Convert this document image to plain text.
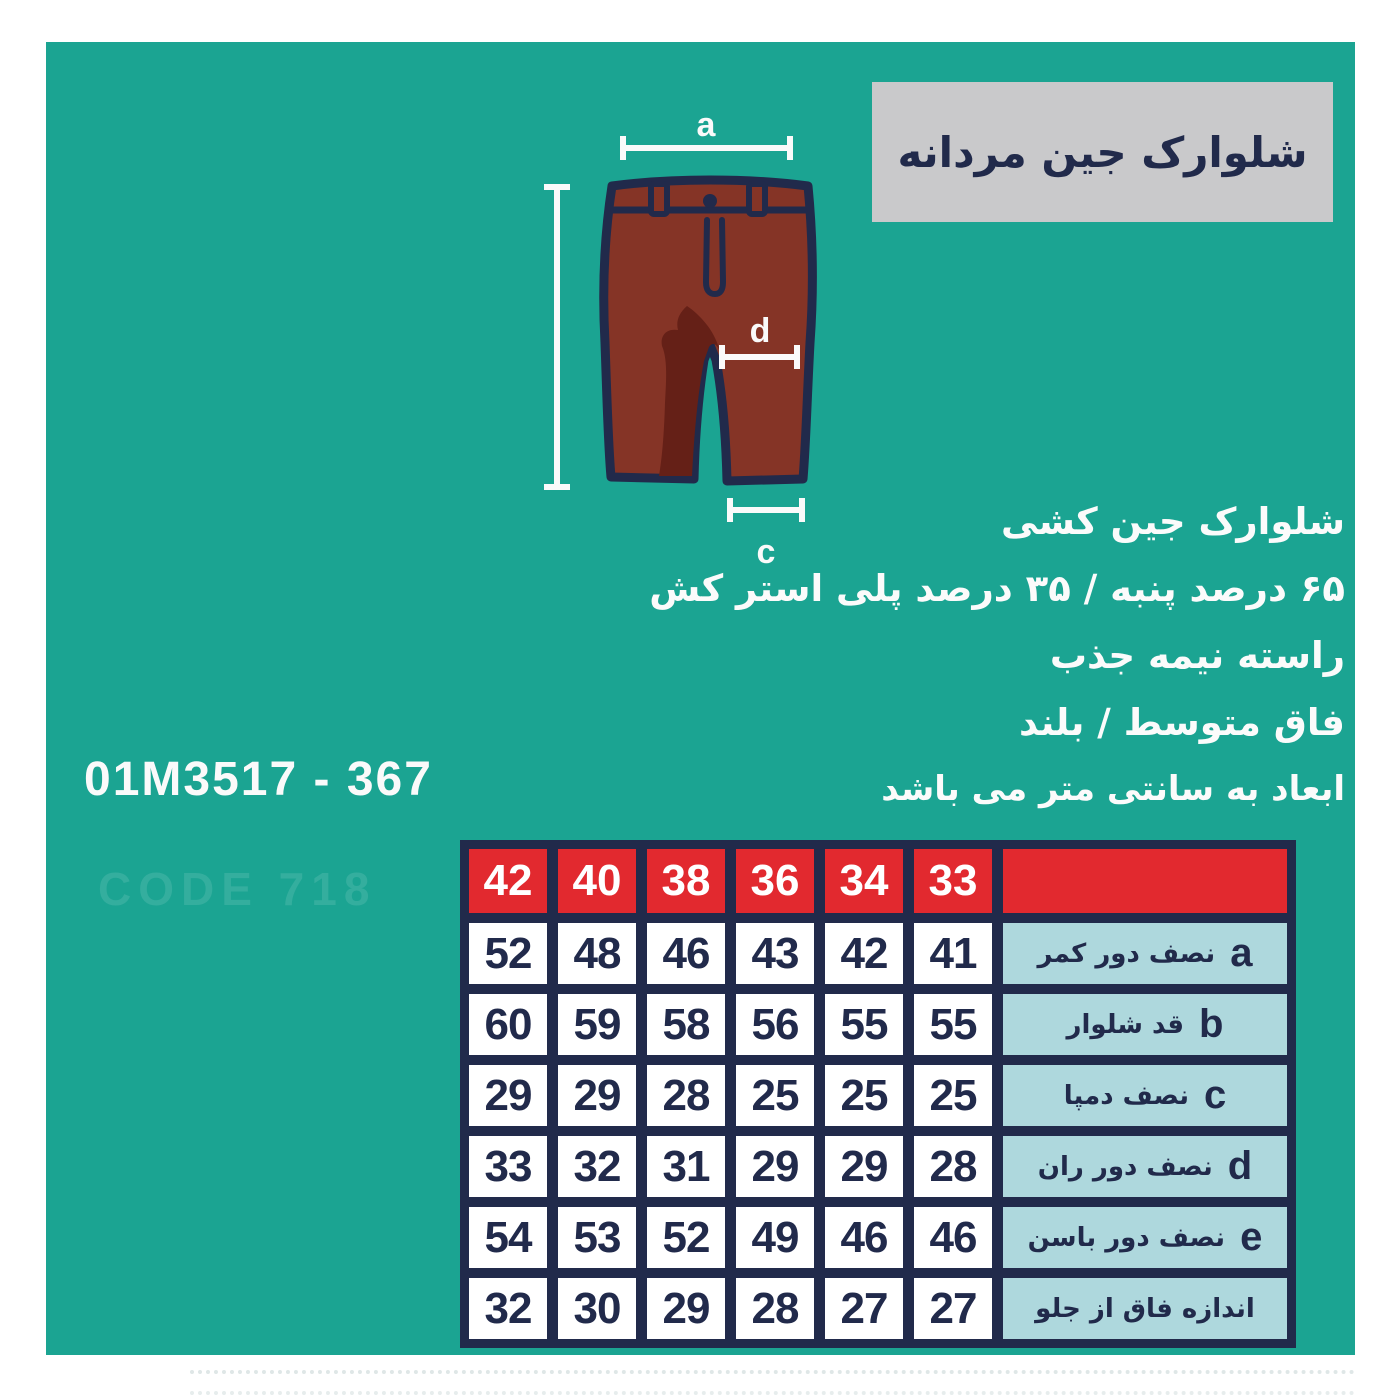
شلوارک جین مردانه
a
d
c
شلوارک جین کشی
۶۵ درصد پنبه / ۳۵ درصد پلی استر کش
راسته نیمه جذب
فاق متوسط / بلند
ابعاد به سانتی متر می باشد
01M3517 - 367
CODE 718	42 40 38 36 34 33
52 48 46 43 42 41	نصف دور کمر a
60 59 58 56 55 55	قد شلوار b
29 29 28 25 25 25	نصف دمپا c
33 32 31 29 29 28	نصف دور ران d
54 53 52 49 46 46	نصف دور باسن e
32 30 29 28 27 27	اندازه فاق از جلو
